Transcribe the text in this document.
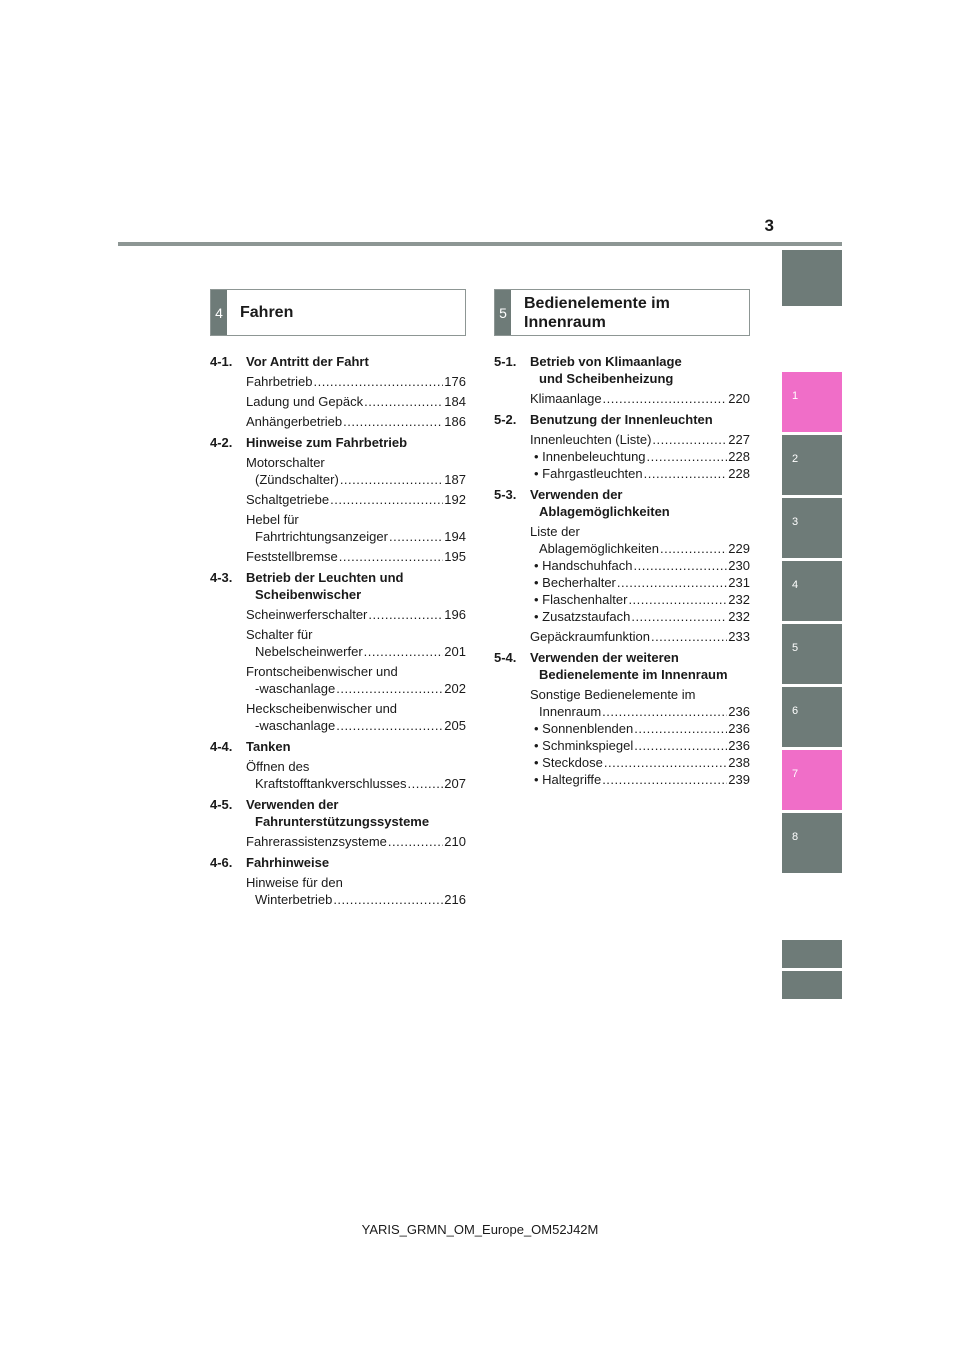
3
1
2
3
4
5
6
7
8
4	Fahren
4-1. Vor Antritt der Fahrt
Fahrbetrieb .....	176
Ladung und Gepäck .....	184
Anhängerbetrieb .....	186
4-2. Hinweise zum Fahrbetrieb
Motorschalter
(Zündschalter) .....	187
Schaltgetriebe .....	192
Hebel für
Fahrtrichtungsanzeiger .....	194
Feststellbremse .....	195
4-3. Betrieb der Leuchten und
Scheibenwischer
Scheinwerferschalter .....	196
Schalter für
Nebelscheinwerfer .....	201
Frontscheibenwischer und
-waschanlage .....	202
Heckscheibenwischer und
-waschanlage .....	205
4-4. Tanken
Öffnen des
Kraftstofftankverschlusses .....	207
4-5. Verwenden der
Fahrunterstützungssysteme
Fahrerassistenzsysteme .....	210
4-6. Fahrhinweise
Hinweise für den
Winterbetrieb .....	216
5
Bedienelemente im Innenraum
5-1. Betrieb von Klimaanlage
und Scheibenheizung
Klimaanlage .....	220
5-2. Benutzung der Innenleuchten
Innenleuchten (Liste) .....	227
• Innenbeleuchtung .....	228
• Fahrgastleuchten .....	228
5-3. Verwenden der
Ablagemöglichkeiten
Liste der
Ablagemöglichkeiten .....	229
• Handschuhfach .....	230
• Becherhalter .....	231
• Flaschenhalter .....	232
• Zusatzstaufach .....	232
Gepäckraumfunktion .....	233
5-4. Verwenden der weiteren
Bedienelemente im Innenraum
Sonstige Bedienelemente im
Innenraum .....	236
• Sonnenblenden .....	236
• Schminkspiegel .....	236
• Steckdose .....	238
• Haltegriffe .....	239
YARIS_GRMN_OM_Europe_OM52J42M
